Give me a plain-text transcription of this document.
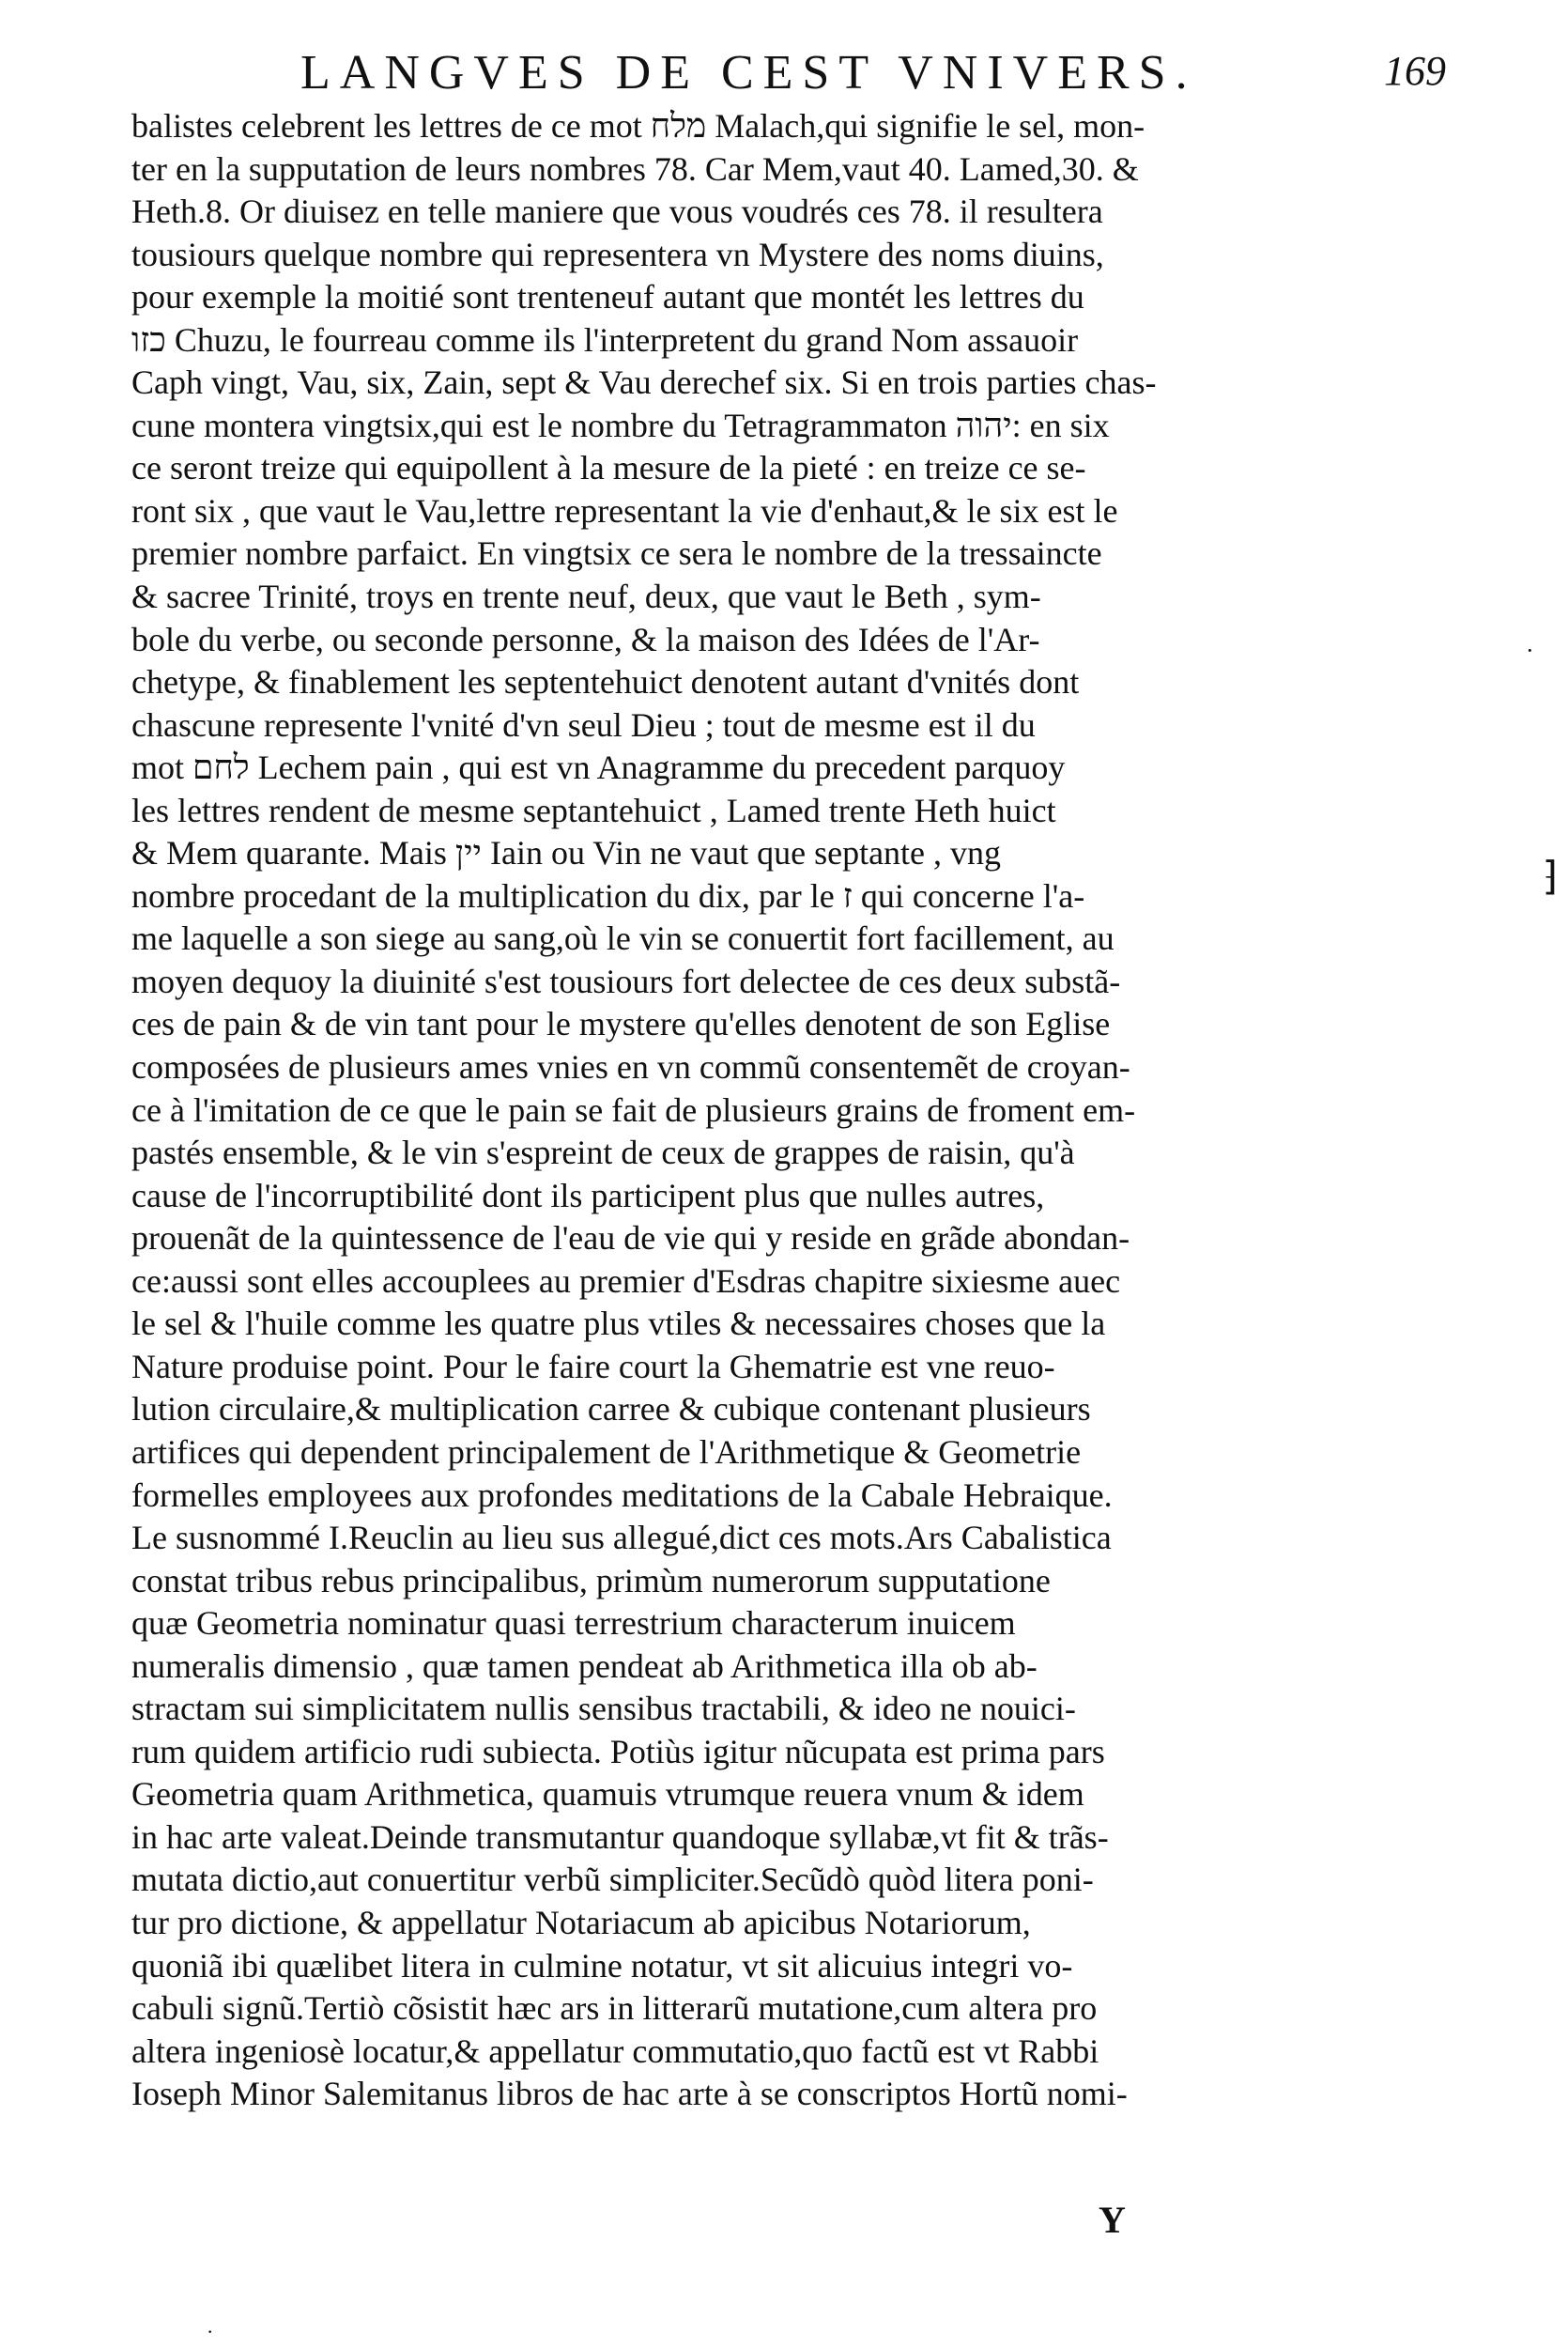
LANGVES DE CEST VNIVERS.	169
balistes celebrent les lettres de ce mot מלח Malach,qui signifie le sel, mon-
ter en la supputation de leurs nombres 78. Car Mem,vaut 40. Lamed,30. &
Heth.8. Or diuisez en telle maniere que vous voudrés ces 78. il resultera
tousiours quelque nombre qui representera vn Mystere des noms diuins,
pour exemple la moitié sont trenteneuf autant que montét les lettres du
כזו Chuzu, le fourreau comme ils l'interpretent du grand Nom assauoir
Caph vingt, Vau, six, Zain, sept & Vau derechef six. Si en trois parties chas-
cune montera vingtsix,qui est le nombre du Tetragrammaton יהוה: en six
ce seront treize qui equipollent à la mesure de la pieté : en treize ce se-
ront six , que vaut le Vau,lettre representant la vie d'enhaut,& le six est le
premier nombre parfaict. En vingtsix ce sera le nombre de la tressaincte
& sacree Trinité, troys en trente neuf, deux, que vaut le Beth , sym-
bole du verbe, ou seconde personne, & la maison des Idées de l'Ar-
chetype, & finablement les septentehuict denotent autant d'vnités dont
chascune represente l'vnité d'vn seul Dieu ; tout de mesme est il du
mot לחם Lechem pain , qui est vn Anagramme du precedent parquoy
les lettres rendent de mesme septantehuict , Lamed trente Heth huict
& Mem quarante. Mais יין Iain ou Vin ne vaut que septante , vng
nombre procedant de la multiplication du dix, par le ז qui concerne l'a-
me laquelle a son siege au sang,où le vin se conuertit fort facillement, au
moyen dequoy la diuinité s'est tousiours fort delectee de ces deux substã-
ces de pain & de vin tant pour le mystere qu'elles denotent de son Eglise
composées de plusieurs ames vnies en vn commũ consentemẽt de croyan-
ce à l'imitation de ce que le pain se fait de plusieurs grains de froment em-
pastés ensemble, & le vin s'espreint de ceux de grappes de raisin, qu'à
cause de l'incorruptibilité dont ils participent plus que nulles autres,
prouenãt de la quintessence de l'eau de vie qui y reside en grãde abondan-
ce:aussi sont elles accouplees au premier d'Esdras chapitre sixiesme auec
le sel & l'huile comme les quatre plus vtiles & necessaires choses que la
Nature produise point. Pour le faire court la Ghematrie est vne reuo-
lution circulaire,& multiplication carree & cubique contenant plusieurs
artifices qui dependent principalement de l'Arithmetique & Geometrie
formelles employees aux profondes meditations de la Cabale Hebraique.
Le susnommé I.Reuclin au lieu sus allegué,dict ces mots.Ars Cabalistica
constat tribus rebus principalibus, primùm numerorum supputatione
quæ Geometria nominatur quasi terrestrium characterum inuicem
numeralis dimensio , quæ tamen pendeat ab Arithmetica illa ob ab-
stractam sui simplicitatem nullis sensibus tractabili, & ideo ne nouici-
rum quidem artificio rudi subiecta. Potiùs igitur nũcupata est prima pars
Geometria quam Arithmetica, quamuis vtrumque reuera vnum & idem
in hac arte valeat.Deinde transmutantur quandoque syllabæ,vt fit & trãs-
mutata dictio,aut conuertitur verbũ simpliciter.Secũdò quòd litera poni-
tur pro dictione, & appellatur Notariacum ab apicibus Notariorum,
quoniã ibi quælibet litera in culmine notatur, vt sit alicuius integri vo-
cabuli signũ.Tertiò cõsistit hæc ars in litterarũ mutatione,cum altera pro
altera ingeniosè locatur,& appellatur commutatio,quo factũ est vt Rabbi
Ioseph Minor Salemitanus libros de hac arte à se conscriptos Hortũ nomi-
Y
⁆
·
·
